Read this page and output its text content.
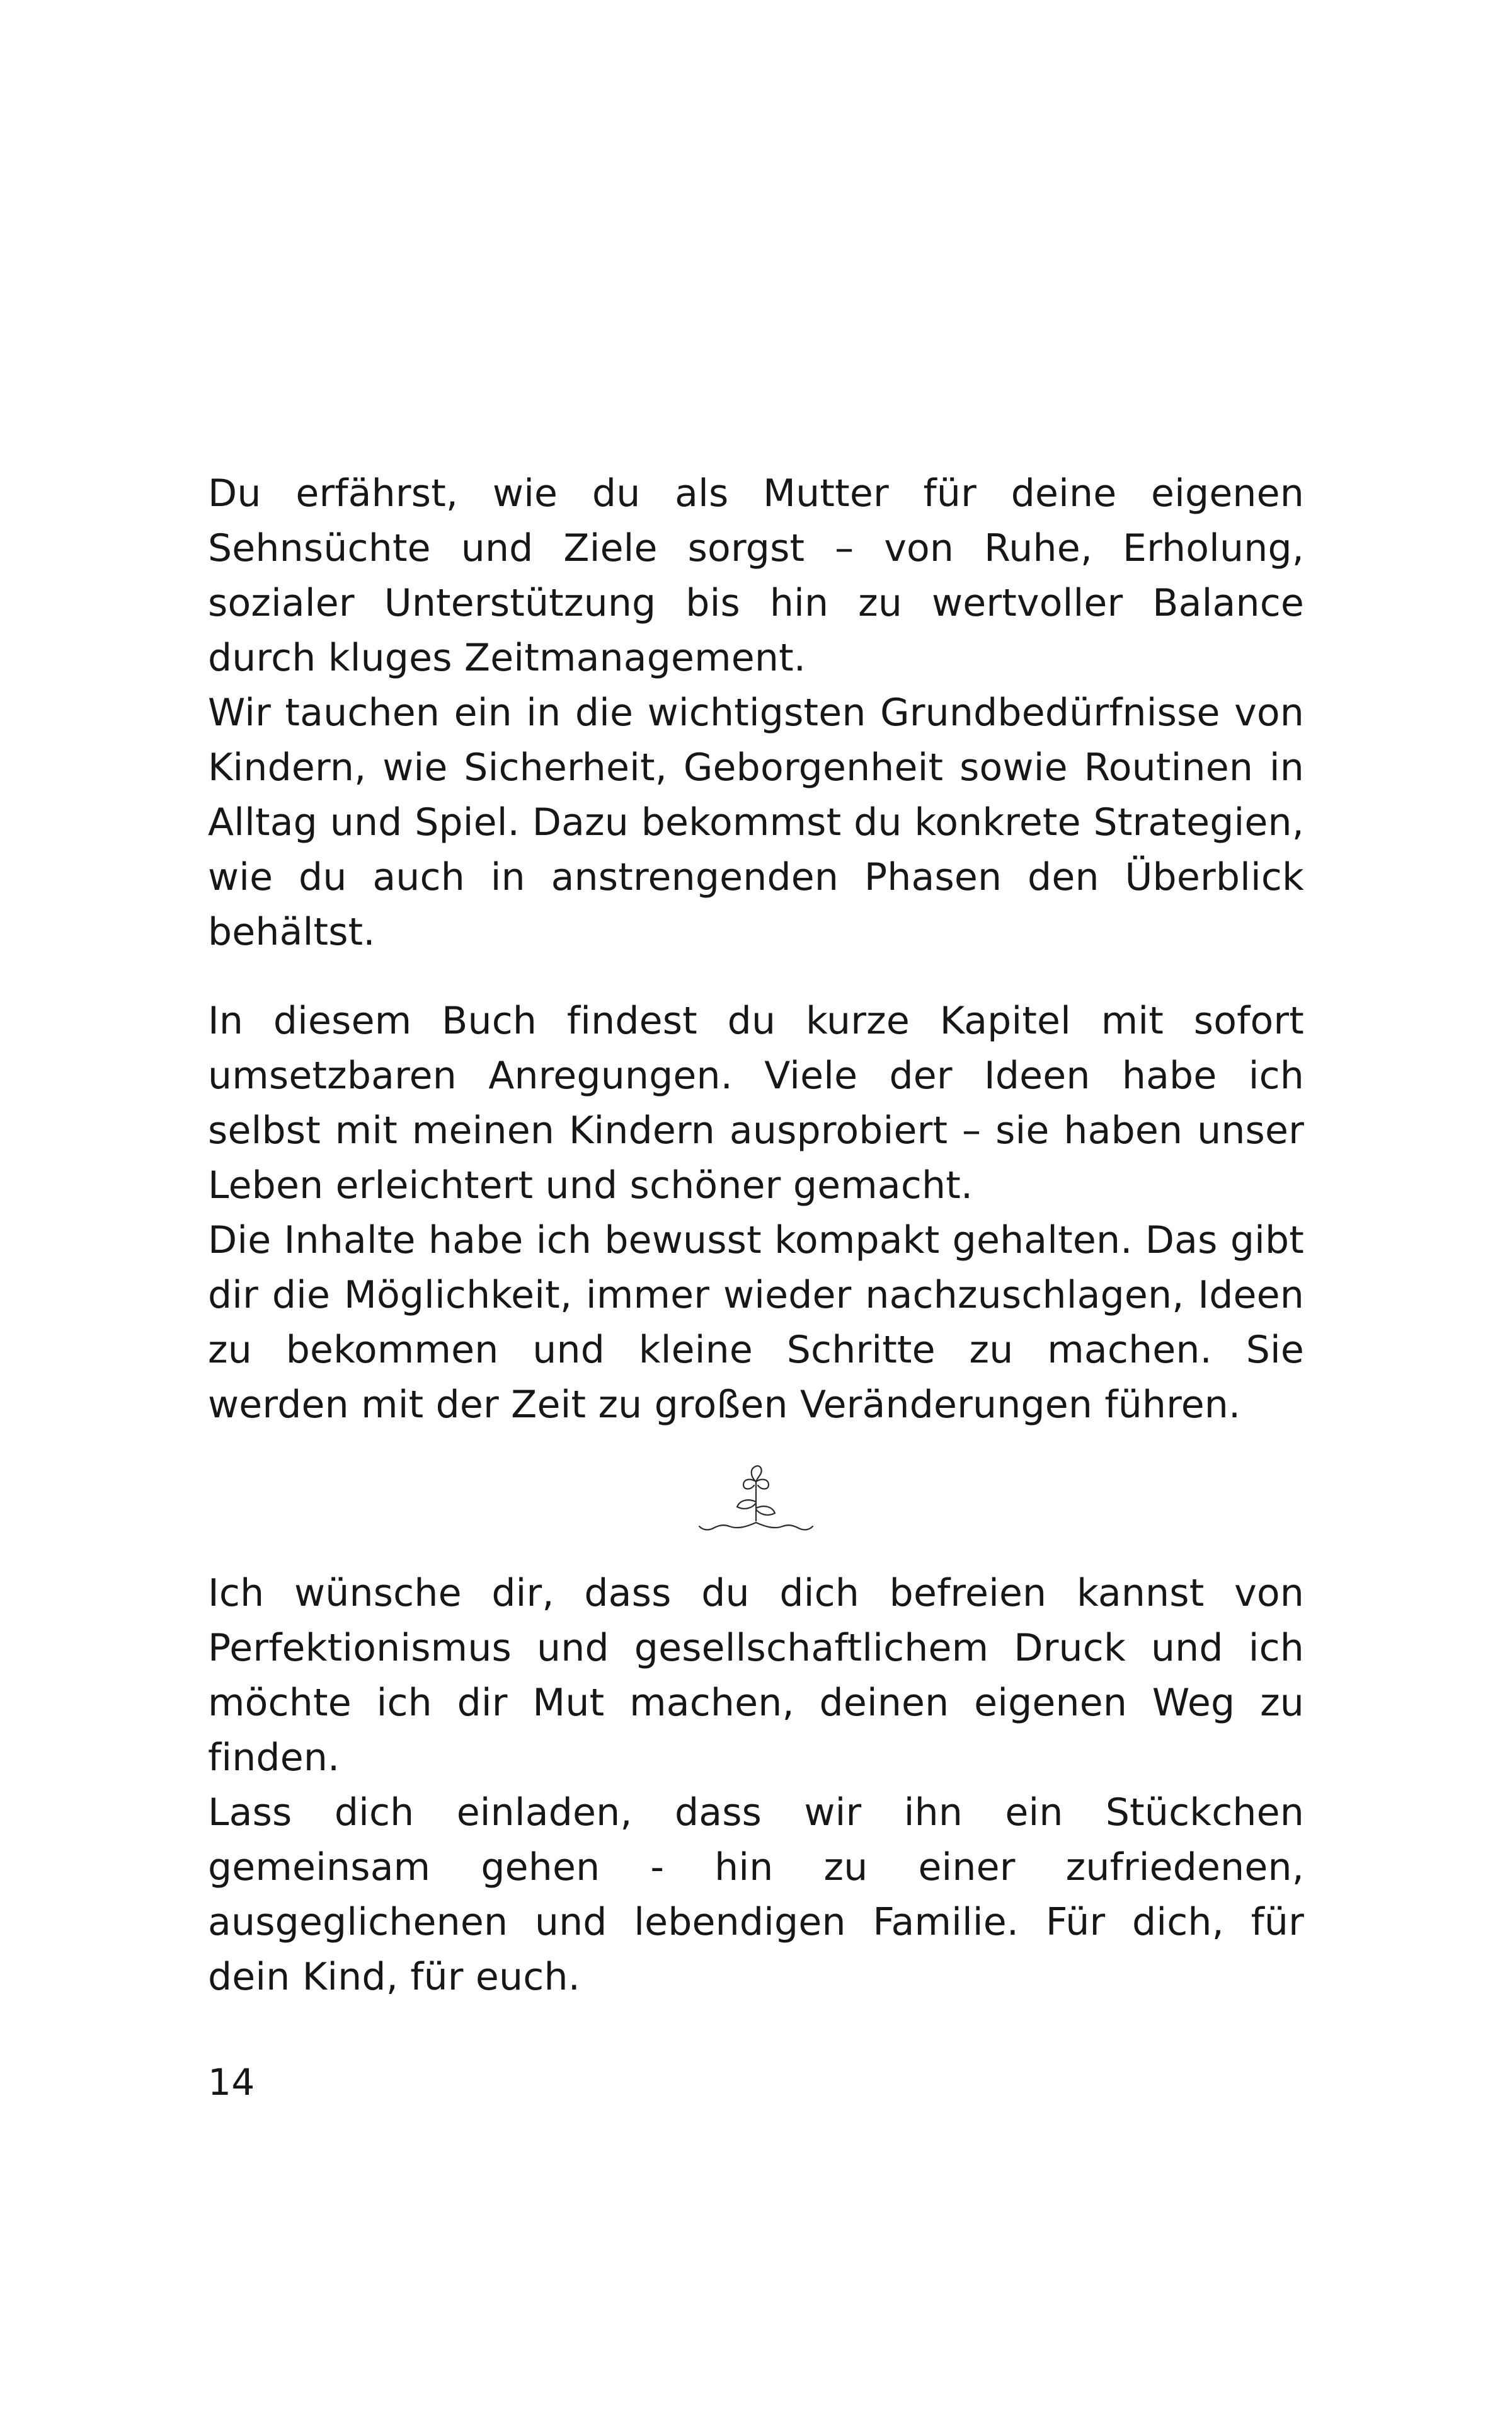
Du erfährst, wie du als Mutter für deine eigenen Sehnsüchte und Ziele sorgst – von Ruhe, Erholung, sozialer Unterstützung bis hin zu wertvoller Balance durch kluges Zeitmanagement.

Wir tauchen ein in die wichtigsten Grundbedürfnisse von Kindern, wie Sicherheit, Geborgenheit sowie Routinen in Alltag und Spiel. Dazu bekommst du konkrete Strategien, wie du auch in anstrengenden Phasen den Überblick behältst.

In diesem Buch findest du kurze Kapitel mit sofort umsetzbaren Anregungen. Viele der Ideen habe ich selbst mit meinen Kindern ausprobiert – sie haben unser Leben erleichtert und schöner gemacht.

Die Inhalte habe ich bewusst kompakt gehalten. Das gibt dir die Möglichkeit, immer wieder nachzuschlagen, Ideen zu bekommen und kleine Schritte zu machen. Sie werden mit der Zeit zu großen Veränderungen führen.

Ich wünsche dir, dass du dich befreien kannst von Perfektionismus und gesellschaftlichem Druck und ich möchte ich dir Mut machen, deinen eigenen Weg zu finden.

Lass dich einladen, dass wir ihn ein Stückchen gemeinsam gehen - hin zu einer zufriedenen, ausgeglichenen und lebendigen Familie. Für dich, für dein Kind, für euch.

14
